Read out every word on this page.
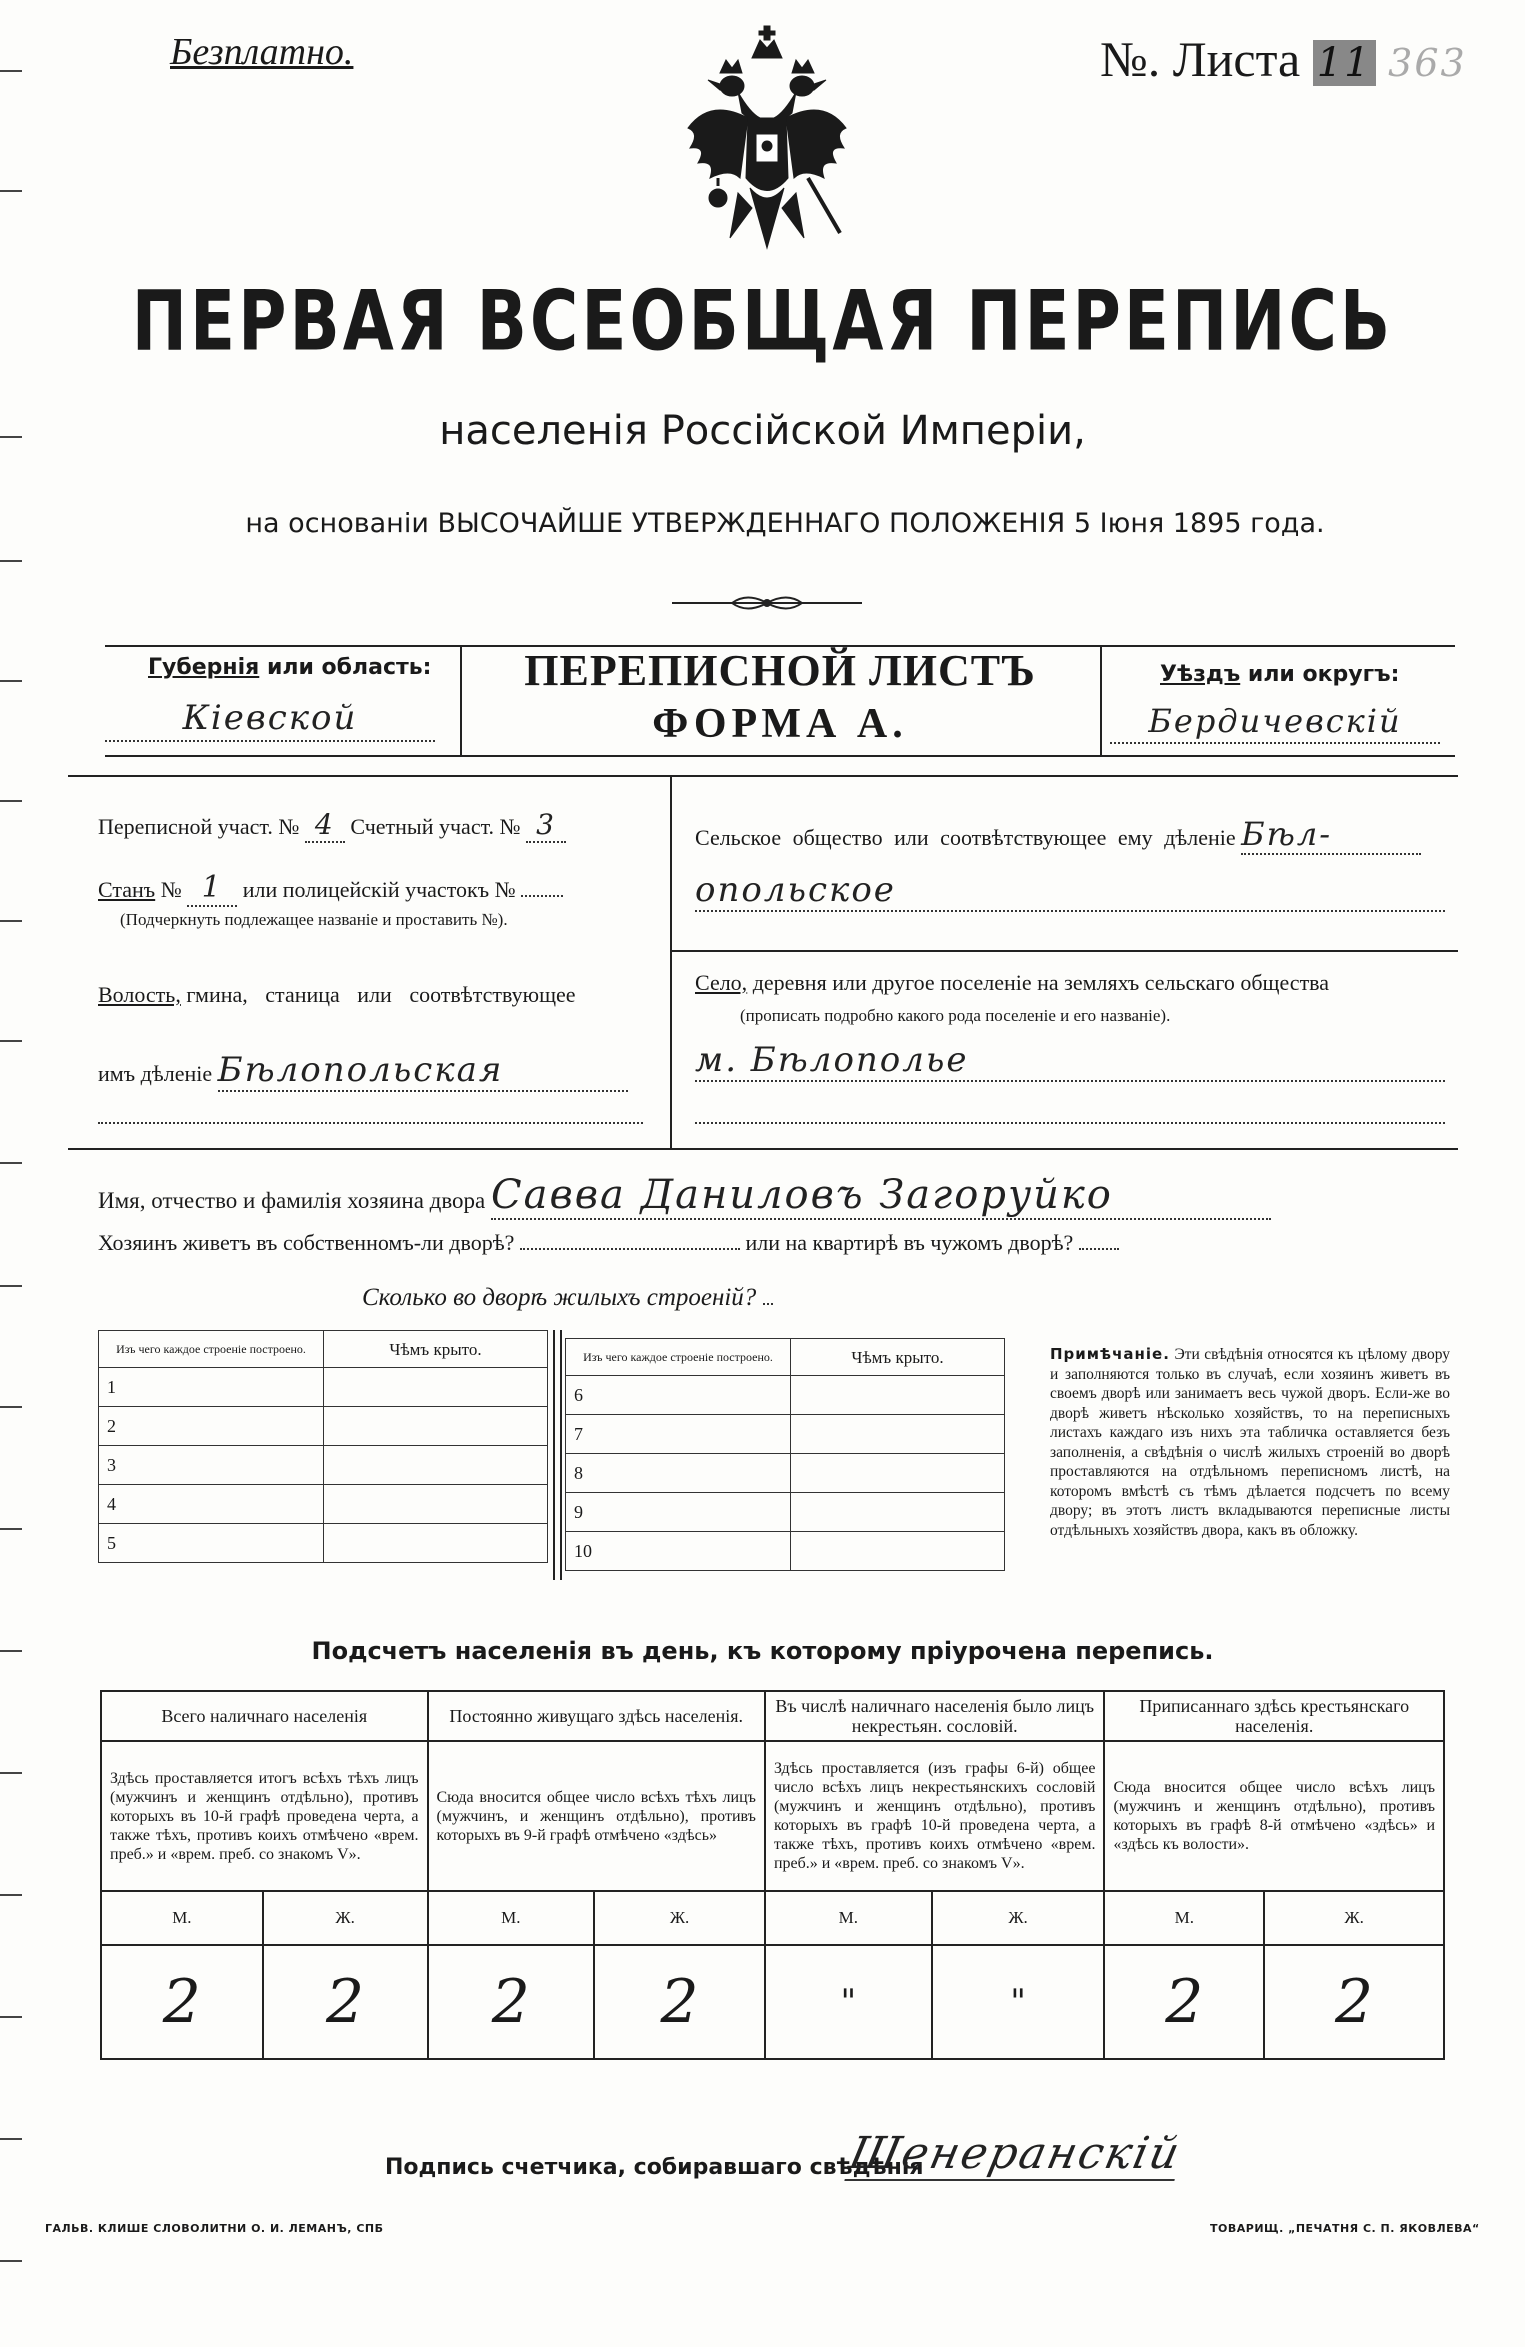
Безплатно.	№. Листа 11 363
ПЕРВАЯ ВСЕОБЩАЯ ПЕРЕПИСЬ
населенія Россійской Имперіи,
на основаніи ВЫСОЧАЙШЕ УТВЕРЖДЕННАГО ПОЛОЖЕНІЯ 5 Іюня 1895 года.
Губернія или область:
Кіевской
ПЕРЕПИСНОЙ ЛИСТЪ
ФОРМА А.
Уѣздъ или округъ:
Бердичевскій
Переписной участ. № 4 Счетный участ. № 3
Станъ № 1 или полицейскій участокъ №
(Подчеркнуть подлежащее названіе и проставить №).
Волость, гмина, станица или соотвѣтствующее
имъ дѣленіе Бѣлопольская
Сельское общество или соотвѣтствующее ему дѣленіе Бѣл-
опольское
Село, деревня или другое поселеніе на земляхъ сельскаго общества
(прописать подробно какого рода поселеніе и его названіе).
м. Бѣлополье
Имя, отчество и фамилія хозяина двора Савва Даниловъ Загоруйко
Хозяинъ живетъ въ собственномъ-ли дворѣ?	или на квартирѣ въ чужомъ дворѣ?
Сколько во дворѣ жилыхъ строеній?
Изъ чего каждое строеніе построено.	Чѣмъ крыто.
1	
2	
3	
4	
5	
Изъ чего каждое строеніе построено.	Чѣмъ крыто.
6	
7	
8	
9	
10	
Примѣчаніе. Эти свѣдѣнія относятся къ цѣлому двору и заполняются только въ случаѣ, если хозяинъ живетъ въ своемъ дворѣ или занимаетъ весь чужой дворъ. Если-же во дворѣ живетъ нѣсколько хозяйствъ, то на переписныхъ листахъ каждаго изъ нихъ эта табличка оставляется безъ заполненія, а свѣдѣнія о числѣ жилыхъ строеній во дворѣ проставляются на отдѣльномъ переписномъ листѣ, на которомъ вмѣстѣ съ тѣмъ дѣлается подсчетъ по всему двору; въ этотъ листъ вкладываются переписные листы отдѣльныхъ хозяйствъ двора, какъ въ обложку.
Подсчетъ населенія въ день, къ которому пріурочена перепись.
Всего наличнаго населенія		Постоянно живущаго здѣсь населенія.		Въ числѣ наличнаго населенія было лицъ некрестьян. сословій.		Приписаннаго здѣсь крестьянскаго населенія.	
Здѣсь проставляется итогъ всѣхъ тѣхъ лицъ (мужчинъ и женщинъ отдѣльно), противъ которыхъ въ 10-й графѣ проведена черта, а также тѣхъ, противъ коихъ отмѣчено «врем. преб.» и «врем. преб. со знакомъ V».		Сюда вносится общее число всѣхъ тѣхъ лицъ (мужчинъ, и женщинъ отдѣльно), противъ которыхъ въ 9-й графѣ отмѣчено «здѣсь»		Здѣсь проставляется (изъ графы 6-й) общее число всѣхъ лицъ некрестьянскихъ сословій (мужчинъ и женщинъ отдѣльно), противъ которыхъ въ графѣ 10-й проведена черта, а также тѣхъ, противъ коихъ отмѣчено «врем. преб.» и «врем. преб. со знакомъ V».		Сюда вносится общее число всѣхъ лицъ (мужчинъ и женщинъ отдѣльно), противъ которыхъ въ графѣ 8-й отмѣчено «здѣсь» и «здѣсь къ волости».	
М.	Ж.	М.	Ж.	М.	Ж.	М.	Ж.
2	2	2	2	"	"	2	2
Подпись счетчика, собиравшаго свѣдѣнія
Шенеранскій
ГАЛЬВ. КЛИШЕ СЛОВОЛИТНИ О. И. ЛЕМАНЪ, СПБ	ТОВАРИЩ. „ПЕЧАТНЯ С. П. ЯКОВЛЕВА“
